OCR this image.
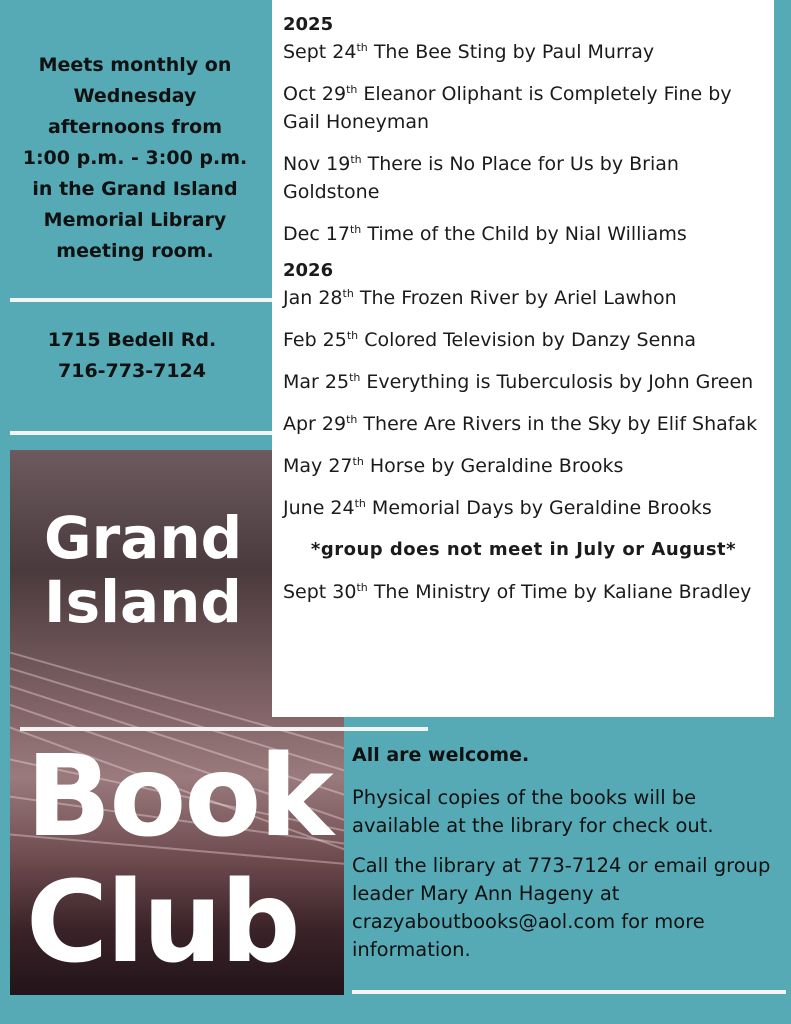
Meets monthly on
Wednesday
afternoons from
1:00 p.m. - 3:00 p.m.
in the Grand Island
Memorial Library
meeting room.
1715 Bedell Rd.
716-773-7124
Grand
Island
Book
Club

2025

Sept 24th The Bee Sting by Paul Murray

Oct 29th Eleanor Oliphant is Completely Fine by Gail Honeyman

Nov 19th There is No Place for Us by Brian Goldstone

Dec 17th Time of the Child by Nial Williams

2026

Jan 28th The Frozen River by Ariel Lawhon

Feb 25th Colored Television by Danzy Senna

Mar 25th Everything is Tuberculosis by John Green

Apr 29th There Are Rivers in the Sky by Elif Shafak

May 27th Horse by Geraldine Brooks

June 24th Memorial Days by Geraldine Brooks

*group does not meet in July or August*

Sept 30th The Ministry of Time by Kaliane Bradley

All are welcome.

Physical copies of the books will be available at the library for check out.

Call the library at 773-7124 or email group leader Mary Ann Hageny at crazyaboutbooks@aol.com for more information.
